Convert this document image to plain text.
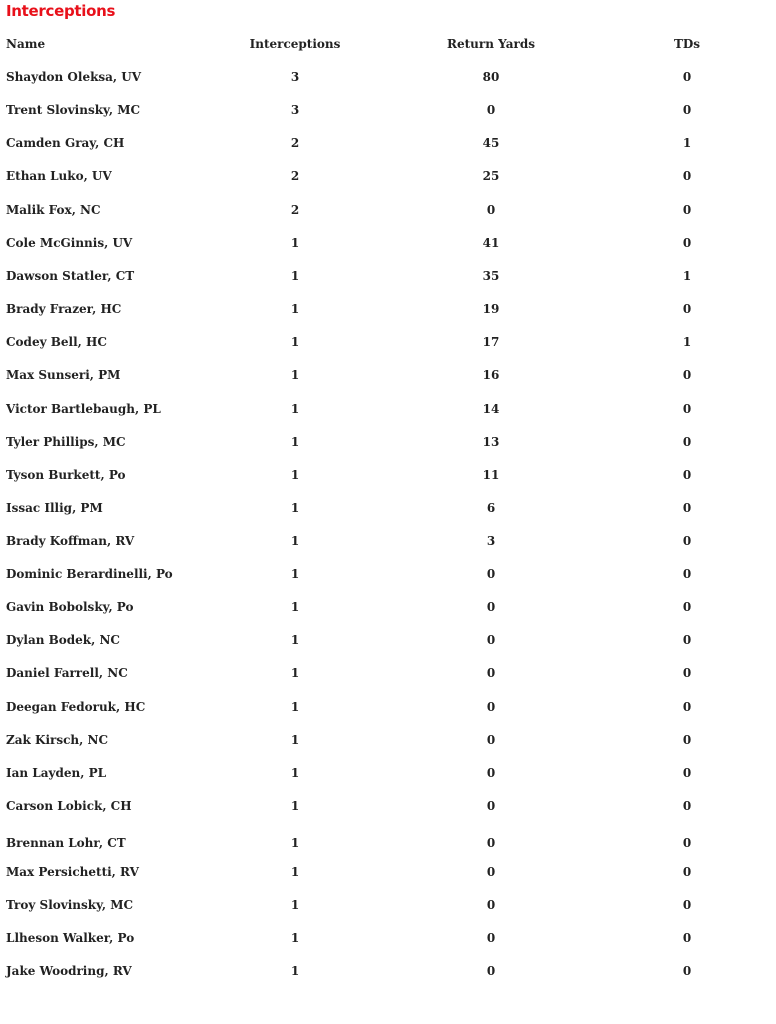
Interceptions
Name	Interceptions	Return Yards	TDs
Shaydon Oleksa, UV	3	80	0
Trent Slovinsky, MC	3	0	0
Camden Gray, CH	2	45	1
Ethan Luko, UV	2	25	0
Malik Fox, NC	2	0	0
Cole McGinnis, UV	1	41	0
Dawson Statler, CT	1	35	1
Brady Frazer, HC	1	19	0
Codey Bell, HC	1	17	1
Max Sunseri, PM	1	16	0
Victor Bartlebaugh, PL	1	14	0
Tyler Phillips, MC	1	13	0
Tyson Burkett, Po	1	11	0
Issac Illig, PM	1	6	0
Brady Koffman, RV	1	3	0
Dominic Berardinelli, Po	1	0	0
Gavin Bobolsky, Po	1	0	0
Dylan Bodek, NC	1	0	0
Daniel Farrell, NC	1	0	0
Deegan Fedoruk, HC	1	0	0
Zak Kirsch, NC	1	0	0
Ian Layden, PL	1	0	0
Carson Lobick, CH	1	0	0
Brennan Lohr, CT	1	0	0
Max Persichetti, RV	1	0	0
Troy Slovinsky, MC	1	0	0
Llheson Walker, Po	1	0	0
Jake Woodring, RV	1	0	0
